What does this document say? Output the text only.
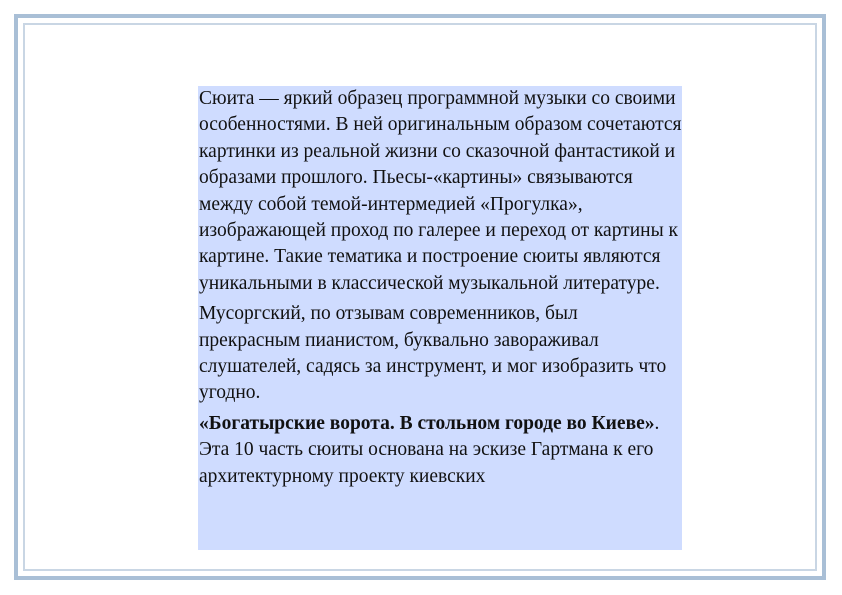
Сюита — яркий образец программной музыки со своими особенностями. В ней оригинальным образом сочетаются картинки из реальной жизни со сказочной фантастикой и образами прошлого. Пьесы-«картины» связываются между собой темой-интермедией «Прогулка», изображающей проход по галерее и переход от картины к картине. Такие тематика и построение сюиты являются уникальными в классической музыкальной литературе.

Мусоргский, по отзывам современников, был прекрасным пианистом, буквально завораживал слушателей, садясь за инструмент, и мог изобразить что угодно.

«Богатырские ворота. В стольном городе во Киеве». Эта 10 часть сюиты основана на эскизе Гартмана к его архитектурному проекту киевских
